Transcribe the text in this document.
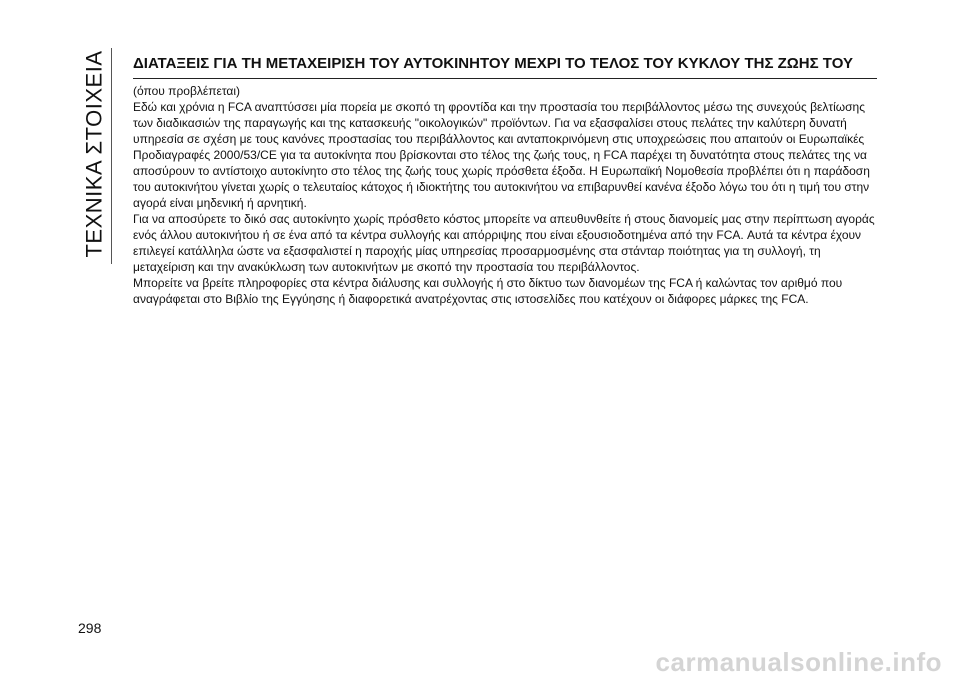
ΤΕΧΝΙΚΑ ΣΤΟΙΧΕΙΑ ΔΙΑΤΑΞΕΙΣ ΓΙΑ ΤΗ ΜΕΤΑΧΕΙΡΙΣΗ ΤΟΥ ΑΥΤΟΚΙΝΗΤΟΥ ΜΕΧΡΙ ΤΟ ΤΕΛΟΣ ΤΟΥ ΚΥΚΛΟΥ ΤΗΣ ΖΩΗΣ ΤΟΥ

(όπου προβλέπεται)

Εδώ και χρόνια η FCA αναπτύσσει μία πορεία με σκοπό τη φροντίδα και την προστασία του περιβάλλοντος μέσω της συνεχούς βελτίωσης των διαδικασιών της παραγωγής και της κατασκευής "οικολογικών" προϊόντων. Για να εξασφαλίσει στους πελάτες την καλύτερη δυνατή υπηρεσία σε σχέση με τους κανόνες προστασίας του περιβάλλοντος και ανταποκρινόμενη στις υποχρεώσεις που απαιτούν οι Ευρωπαϊκές Προδιαγραφές 2000/53/CE για τα αυτοκίνητα που βρίσκονται στο τέλος της ζωής τους, η FCA παρέχει τη δυνατότητα στους πελάτες της να αποσύρουν το αντίστοιχο αυτοκίνητο στο τέλος της ζωής τους χωρίς πρόσθετα έξοδα. Η Ευρωπαϊκή Νομοθεσία προβλέπει ότι η παράδοση του αυτοκινήτου γίνεται χωρίς ο τελευταίος κάτοχος ή ιδιοκτήτης του αυτοκινήτου να επιβαρυνθεί κανένα έξοδο λόγω του ότι η τιμή του στην αγορά είναι μηδενική ή αρνητική.

Για να αποσύρετε το δικό σας αυτοκίνητο χωρίς πρόσθετο κόστος μπορείτε να απευθυνθείτε ή στους διανομείς μας στην περίπτωση αγοράς ενός άλλου αυτοκινήτου ή σε ένα από τα κέντρα συλλογής και απόρριψης που είναι εξουσιοδοτημένα από την FCA. Αυτά τα κέντρα έχουν επιλεγεί κατάλληλα ώστε να εξασφαλιστεί η παροχής μίας υπηρεσίας προσαρμοσμένης στα στάνταρ ποιότητας για τη συλλογή, τη μεταχείριση και την ανακύκλωση των αυτοκινήτων με σκοπό την προστασία του περιβάλλοντος.

Μπορείτε να βρείτε πληροφορίες στα κέντρα διάλυσης και συλλογής ή στο δίκτυο των διανομέων της FCA ή καλώντας τον αριθμό που αναγράφεται στο Βιβλίο της Εγγύησης ή διαφορετικά ανατρέχοντας στις ιστοσελίδες που κατέχουν οι διάφορες μάρκες της FCA.

298
carmanualsonline.info
